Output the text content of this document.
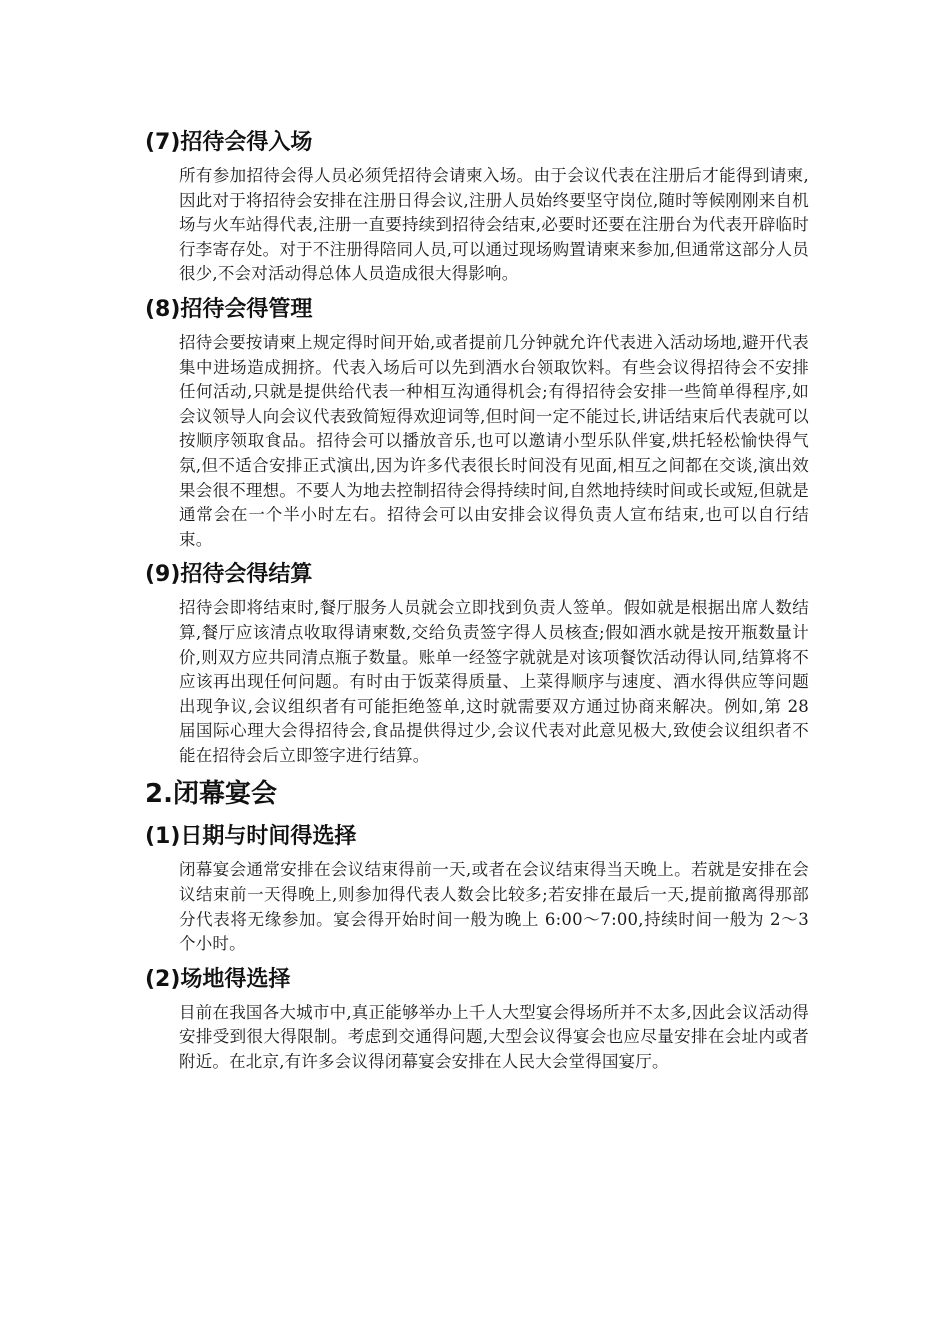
(7)招待会得入场

所有参加招待会得人员必须凭招待会请柬入场。由于会议代表在注册后才能得到请柬,因此对于将招待会安排在注册日得会议,注册人员始终要坚守岗位,随时等候刚刚来自机场与火车站得代表,注册一直要持续到招待会结束,必要时还要在注册台为代表开辟临时行李寄存处。对于不注册得陪同人员,可以通过现场购置请柬来参加,但通常这部分人员很少,不会对活动得总体人员造成很大得影响。

(8)招待会得管理

招待会要按请柬上规定得时间开始,或者提前几分钟就允许代表进入活动场地,避开代表集中进场造成拥挤。代表入场后可以先到酒水台领取饮料。有些会议得招待会不安排任何活动,只就是提供给代表一种相互沟通得机会;有得招待会安排一些简单得程序,如会议领导人向会议代表致简短得欢迎词等,但时间一定不能过长,讲话结束后代表就可以按顺序领取食品。招待会可以播放音乐,也可以邀请小型乐队伴宴,烘托轻松愉快得气氛,但不适合安排正式演出,因为许多代表很长时间没有见面,相互之间都在交谈,演出效果会很不理想。不要人为地去控制招待会得持续时间,自然地持续时间或长或短,但就是通常会在一个半小时左右。招待会可以由安排会议得负责人宣布结束,也可以自行结束。

(9)招待会得结算

招待会即将结束时,餐厅服务人员就会立即找到负责人签单。假如就是根据出席人数结算,餐厅应该清点收取得请柬数,交给负责签字得人员核查;假如酒水就是按开瓶数量计价,则双方应共同清点瓶子数量。账单一经签字就就是对该项餐饮活动得认同,结算将不应该再出现任何问题。有时由于饭菜得质量、上菜得顺序与速度、酒水得供应等问题出现争议,会议组织者有可能拒绝签单,这时就需要双方通过协商来解决。例如,第 28 届国际心理大会得招待会,食品提供得过少,会议代表对此意见极大,致使会议组织者不能在招待会后立即签字进行结算。

2.闭幕宴会
(1)日期与时间得选择

闭幕宴会通常安排在会议结束得前一天,或者在会议结束得当天晚上。若就是安排在会议结束前一天得晚上,则参加得代表人数会比较多;若安排在最后一天,提前撤离得那部分代表将无缘参加。宴会得开始时间一般为晚上 6:00～7:00,持续时间一般为 2～3 个小时。

(2)场地得选择

目前在我国各大城市中,真正能够举办上千人大型宴会得场所并不太多,因此会议活动得安排受到很大得限制。考虑到交通得问题,大型会议得宴会也应尽量安排在会址内或者附近。在北京,有许多会议得闭幕宴会安排在人民大会堂得国宴厅。
